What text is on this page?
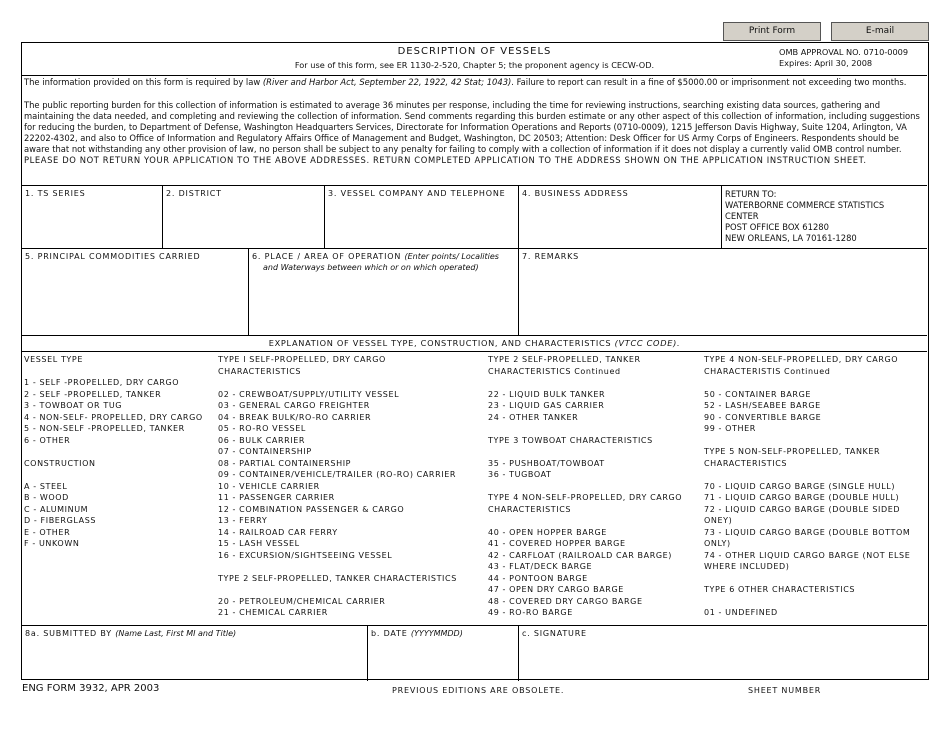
Print Form	E-mail
DESCRIPTION OF VESSELS
For use of this form, see ER 1130-2-520, Chapter 5; the proponent agency is CECW-OD.
OMB APPROVAL NO. 0710-0009
Expires: April 30, 2008

The information provided on this form is required by law (River and Harbor Act, September 22, 1922, 42 Stat; 1043). Failure to report can result in a fine of $5000.00 or imprisonment not exceeding two months.

The public reporting burden for this collection of information is estimated to average 36 minutes per response, including the time for reviewing instructions, searching existing data sources, gathering and maintaining the data needed, and completing and reviewing the collection of information. Send comments regarding this burden estimate or any other aspect of this collection of information, including suggestions for reducing the burden, to Department of Defense, Washington Headquarters Services, Directorate for Information Operations and Reports (0710-0009), 1215 Jefferson Davis Highway, Suite 1204, Arlington, VA 22202-4302, and also to Office of Information and Regulatory Affairs Office of Management and Budget, Washington, DC 20503; Attention: Desk Officer for US Army Corps of Engineers. Respondents should be aware that not withstanding any other provision of law, no person shall be subject to any penalty for failing to comply with a collection of information if it does not display a currently valid OMB control number.

PLEASE DO NOT RETURN YOUR APPLICATION TO THE ABOVE ADDRESSES. RETURN COMPLETED APPLICATION TO THE ADDRESS SHOWN ON THE APPLICATION INSTRUCTION SHEET.

1. TS SERIES	2. DISTRICT	3. VESSEL COMPANY AND TELEPHONE	4. BUSINESS ADDRESS	RETURN TO:
WATERBORNE COMMERCE STATISTICS CENTER
POST OFFICE BOX 61280
NEW ORLEANS, LA 70161-1280
5. PRINCIPAL COMMODITIES CARRIED	6. PLACE / AREA OF OPERATION (Enter points/ Localities and Waterways between which or on which operated)
7. REMARKS
EXPLANATION OF VESSEL TYPE, CONSTRUCTION, AND CHARACTERISTICS (VTCC CODE).
VESSEL TYPE
1 - SELF -PROPELLED, DRY CARGO
2 - SELF -PROPELLED, TANKER
3 - TOWBOAT OR TUG
4 - NON-SELF- PROPELLED, DRY CARGO
5 - NON-SELF -PROPELLED, TANKER
6 - OTHER
CONSTRUCTION
A - STEEL
B - WOOD
C - ALUMINUM
D - FIBERGLASS
E - OTHER
F - UNKOWN
TYPE I SELF-PROPELLED, DRY CARGO CHARACTERISTICS
02 - CREWBOAT/SUPPLY/UTILITY VESSEL
03 - GENERAL CARGO FREIGHTER
04 - BREAK BULK/RO-RO CARRIER
05 - RO-RO VESSEL
06 - BULK CARRIER
07 - CONTAINERSHIP
08 - PARTIAL CONTAINERSHIP
09 - CONTAINER/VEHICLE/TRAILER (RO-RO) CARRIER
10 - VEHICLE CARRIER
11 - PASSENGER CARRIER
12 - COMBINATION PASSENGER & CARGO
13 - FERRY
14 - RAILROAD CAR FERRY
15 - LASH VESSEL
16 - EXCURSION/SIGHTSEEING VESSEL
TYPE 2 SELF-PROPELLED, TANKER CHARACTERISTICS
20 - PETROLEUM/CHEMICAL CARRIER
21 - CHEMICAL CARRIER
TYPE 2 SELF-PROPELLED, TANKER CHARACTERISTICS Continued
22 - LIQUID BULK TANKER
23 - LIQUID GAS CARRIER
24 - OTHER TANKER
TYPE 3 TOWBOAT CHARACTERISTICS
35 - PUSHBOAT/TOWBOAT
36 - TUGBOAT
TYPE 4 NON-SELF-PROPELLED, DRY CARGO CHARACTERISTICS
40 - OPEN HOPPER BARGE
41 - COVERED HOPPER BARGE
42 - CARFLOAT (RAILROALD CAR BARGE)
43 - FLAT/DECK BARGE
44 - PONTOON BARGE
47 - OPEN DRY CARGO BARGE
48 - COVERED DRY CARGO BARGE
49 - RO-RO BARGE
TYPE 4 NON-SELF-PROPELLED, DRY CARGO CHARACTERISTIS Continued
50 - CONTAINER BARGE
52 - LASH/SEABEE BARGE
90 - CONVERTIBLE BARGE
99 - OTHER
TYPE 5 NON-SELF-PROPELLED, TANKER CHARACTERISTICS
70 - LIQUID CARGO BARGE (SINGLE HULL)
71 - LIQUID CARGO BARGE (DOUBLE HULL)
72 - LIQUID CARGO BARGE (DOUBLE SIDED ONEY)
73 - LIQUID CARGO BARGE (DOUBLE BOTTOM ONLY)
74 - OTHER LIQUID CARGO BARGE (NOT ELSE WHERE INCLUDED)
TYPE 6 OTHER CHARACTERISTICS
01 - UNDEFINED
8a. SUBMITTED BY (Name Last, First MI and Title)	b. DATE (YYYYMMDD)	c. SIGNATURE
ENG FORM 3932, APR 2003	PREVIOUS EDITIONS ARE OBSOLETE.	SHEET NUMBER
